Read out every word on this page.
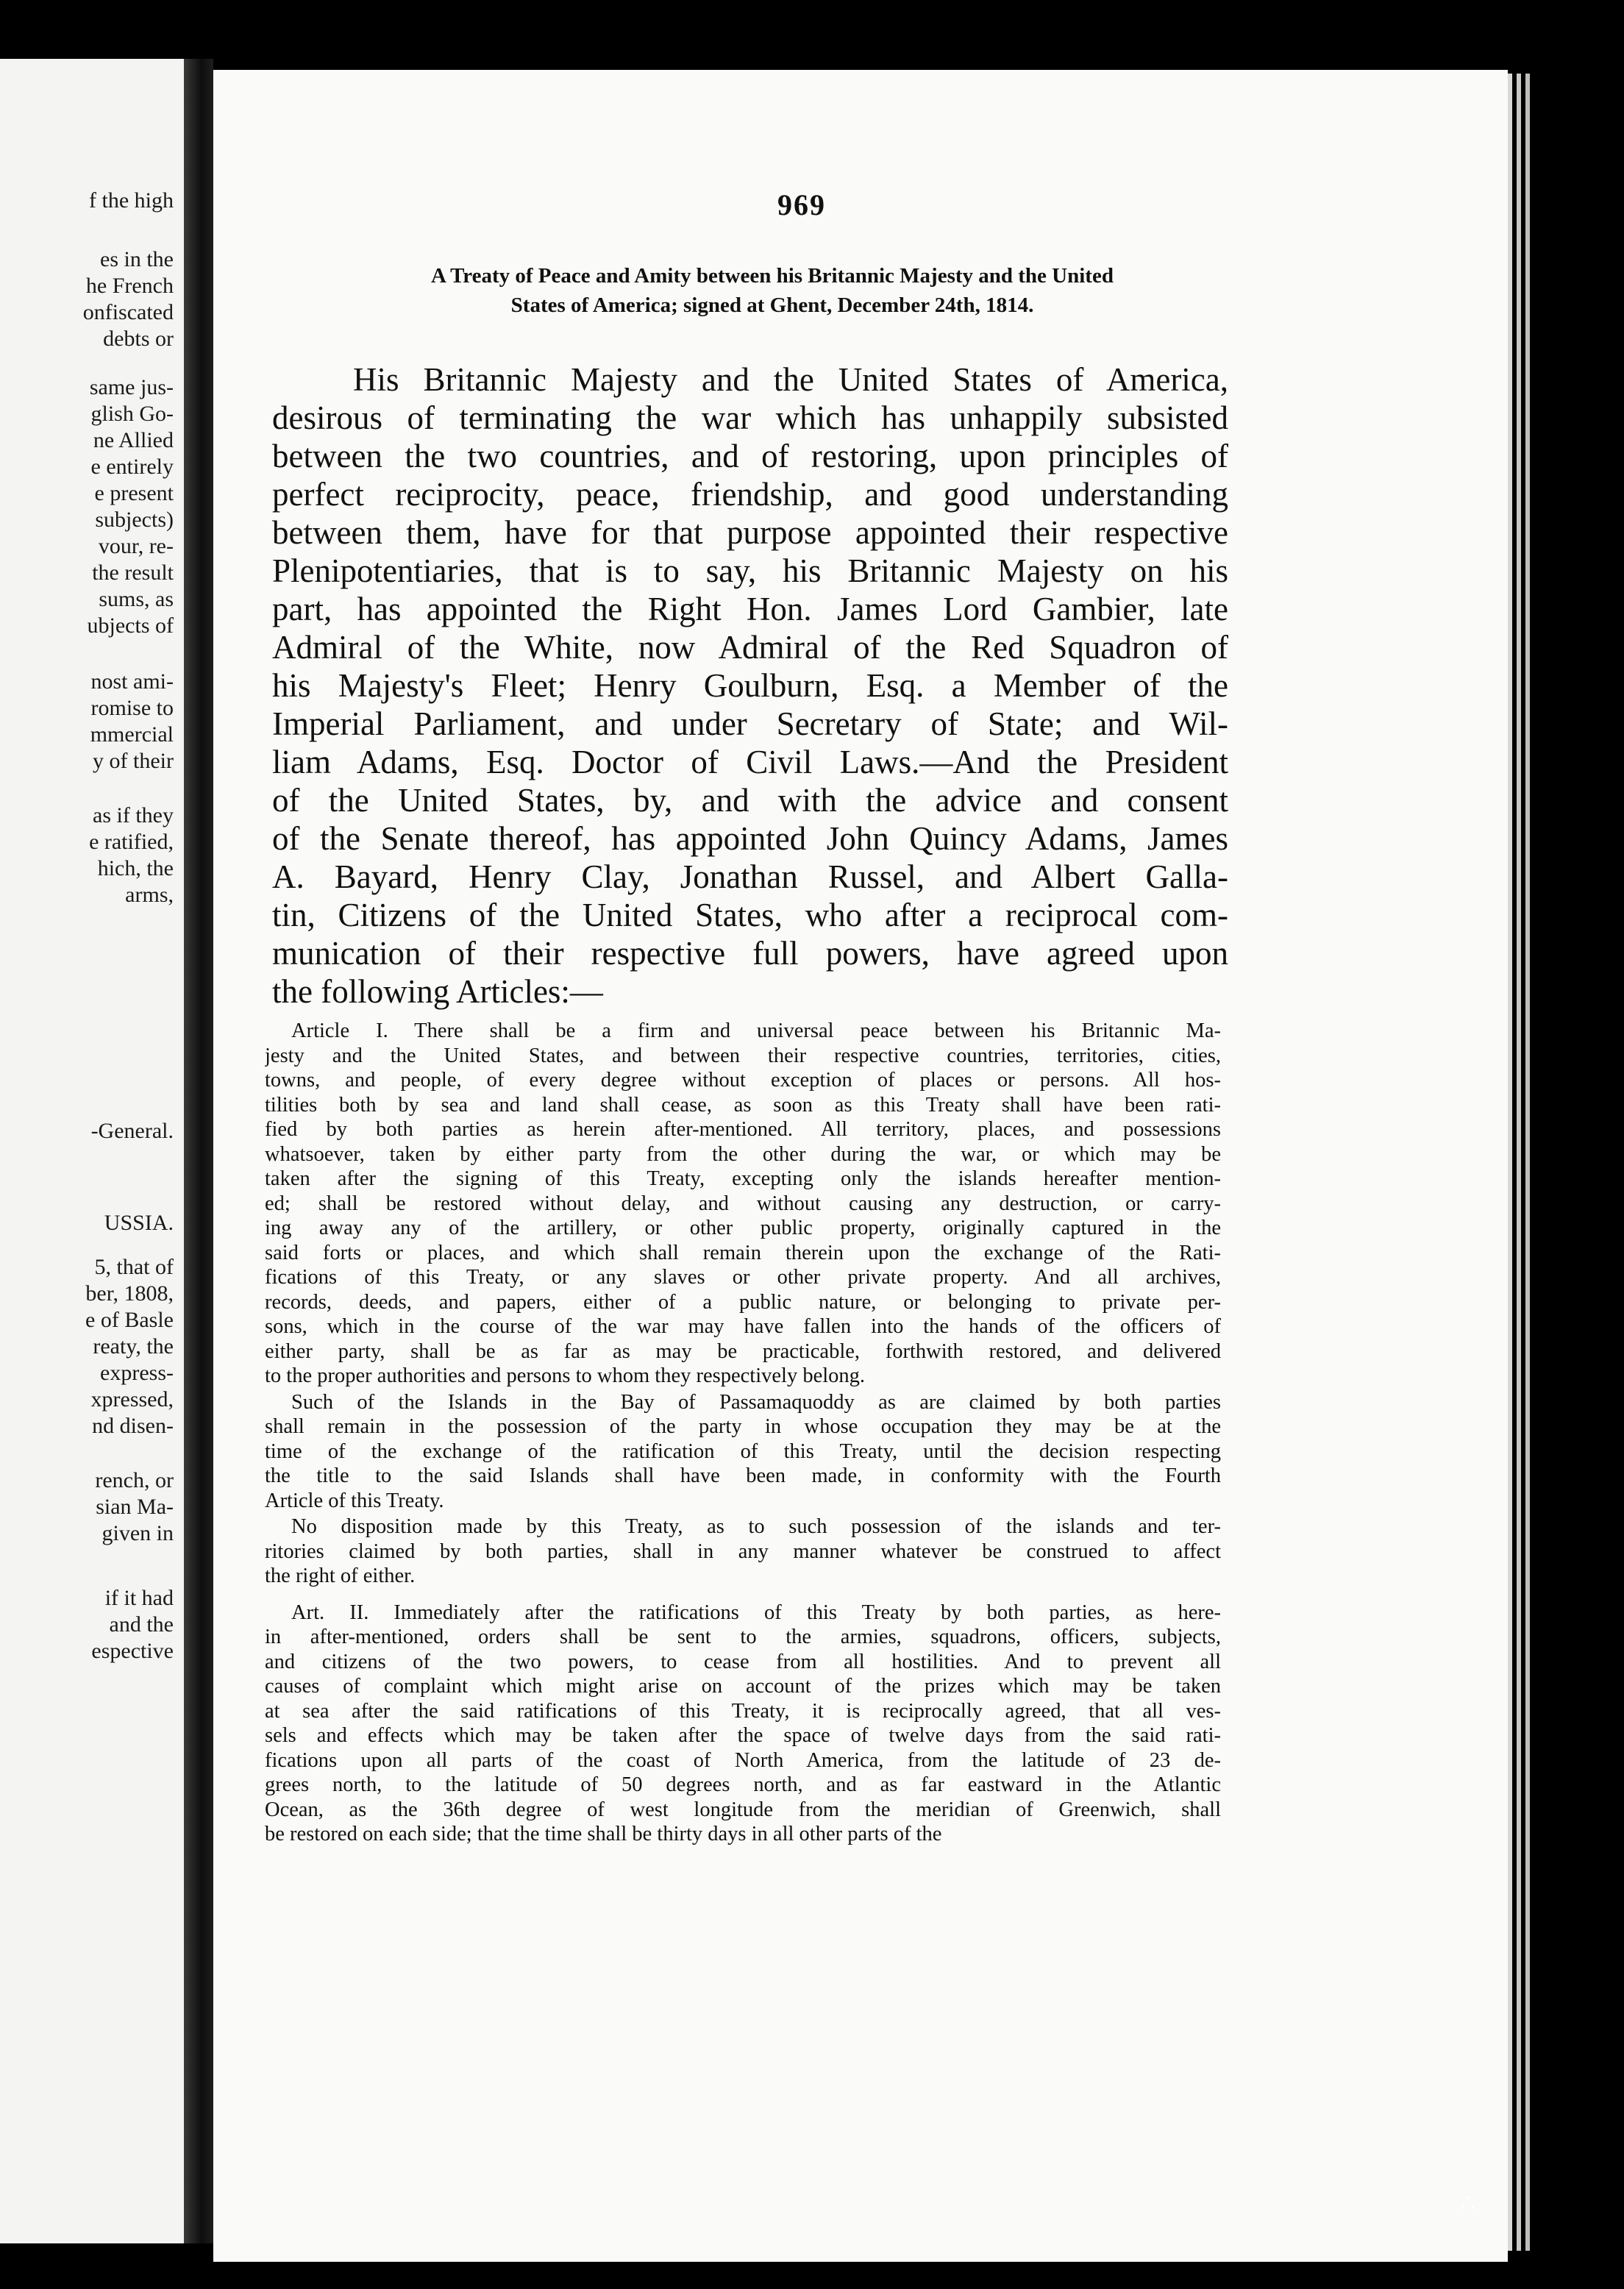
f the high
es in the
he French
onfiscated
debts or
same jus-
glish Go-
ne Allied
e entirely
e present
subjects)
vour, re-
the result
sums, as
ubjects of
nost ami-
romise to
mmercial
y of their
as if they
e ratified,
hich, the
arms,
-General.
USSIA.
5, that of
ber, 1808,
e of Basle
reaty, the
express-
xpressed,
nd disen-
rench, or
sian Ma-
given in
if it had
and the
espective
969
A Treaty of Peace and Amity between his Britannic Majesty and the United
States of America; signed at Ghent, December 24th, 1814.
His Britannic Majesty and the United States of America,
desirous of terminating the war which has unhappily subsisted
between the two countries, and of restoring, upon principles of
perfect reciprocity, peace, friendship, and good understanding
between them, have for that purpose appointed their respective
Plenipotentiaries, that is to say, his Britannic Majesty on his
part, has appointed the Right Hon. James Lord Gambier, late
Admiral of the White, now Admiral of the Red Squadron of
his Majesty's Fleet; Henry Goulburn, Esq. a Member of the
Imperial Parliament, and under Secretary of State; and Wil-
liam Adams, Esq. Doctor of Civil Laws.—And the President
of the United States, by, and with the advice and consent
of the Senate thereof, has appointed John Quincy Adams, James
A. Bayard, Henry Clay, Jonathan Russel, and Albert Galla-
tin, Citizens of the United States, who after a reciprocal com-
munication of their respective full powers, have agreed upon
the following Articles:—

Article I. There shall be a firm and universal peace between his Britannic Ma-
jesty and the United States, and between their respective countries, territories, cities,
towns, and people, of every degree without exception of places or persons. All hos-
tilities both by sea and land shall cease, as soon as this Treaty shall have been rati-
fied by both parties as herein after-mentioned. All territory, places, and possessions
whatsoever, taken by either party from the other during the war, or which may be
taken after the signing of this Treaty, excepting only the islands hereafter mention-
ed; shall be restored without delay, and without causing any destruction, or carry-
ing away any of the artillery, or other public property, originally captured in the
said forts or places, and which shall remain therein upon the exchange of the Rati-
fications of this Treaty, or any slaves or other private property. And all archives,
records, deeds, and papers, either of a public nature, or belonging to private per-
sons, which in the course of the war may have fallen into the hands of the officers of
either party, shall be as far as may be practicable, forthwith restored, and delivered
to the proper authorities and persons to whom they respectively belong.

Such of the Islands in the Bay of Passamaquoddy as are claimed by both parties
shall remain in the possession of the party in whose occupation they may be at the
time of the exchange of the ratification of this Treaty, until the decision respecting
the title to the said Islands shall have been made, in conformity with the Fourth
Article of this Treaty.

No disposition made by this Treaty, as to such possession of the islands and ter-
ritories claimed by both parties, shall in any manner whatever be construed to affect
the right of either.

Art. II. Immediately after the ratifications of this Treaty by both parties, as here-
in after-mentioned, orders shall be sent to the armies, squadrons, officers, subjects,
and citizens of the two powers, to cease from all hostilities. And to prevent all
causes of complaint which might arise on account of the prizes which may be taken
at sea after the said ratifications of this Treaty, it is reciprocally agreed, that all ves-
sels and effects which may be taken after the space of twelve days from the said rati-
fications upon all parts of the coast of North America, from the latitude of 23 de-
grees north, to the latitude of 50 degrees north, and as far eastward in the Atlantic
Ocean, as the 36th degree of west longitude from the meridian of Greenwich, shall
be restored on each side; that the time shall be thirty days in all other parts of the

∴
